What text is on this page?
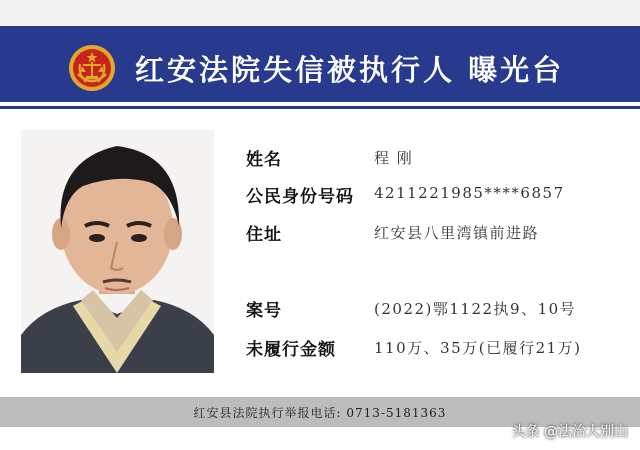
红安法院失信被执行人 曝光台
姓名	程 刚
公民身份号码 4211221985****6857
住址	红安县八里湾镇前进路
案号	(2022)鄂1122执9、10号
未履行金额	110万、35万(已履行21万)
红安县法院执行举报电话: 0713-5181363
头条 @法治大别山
